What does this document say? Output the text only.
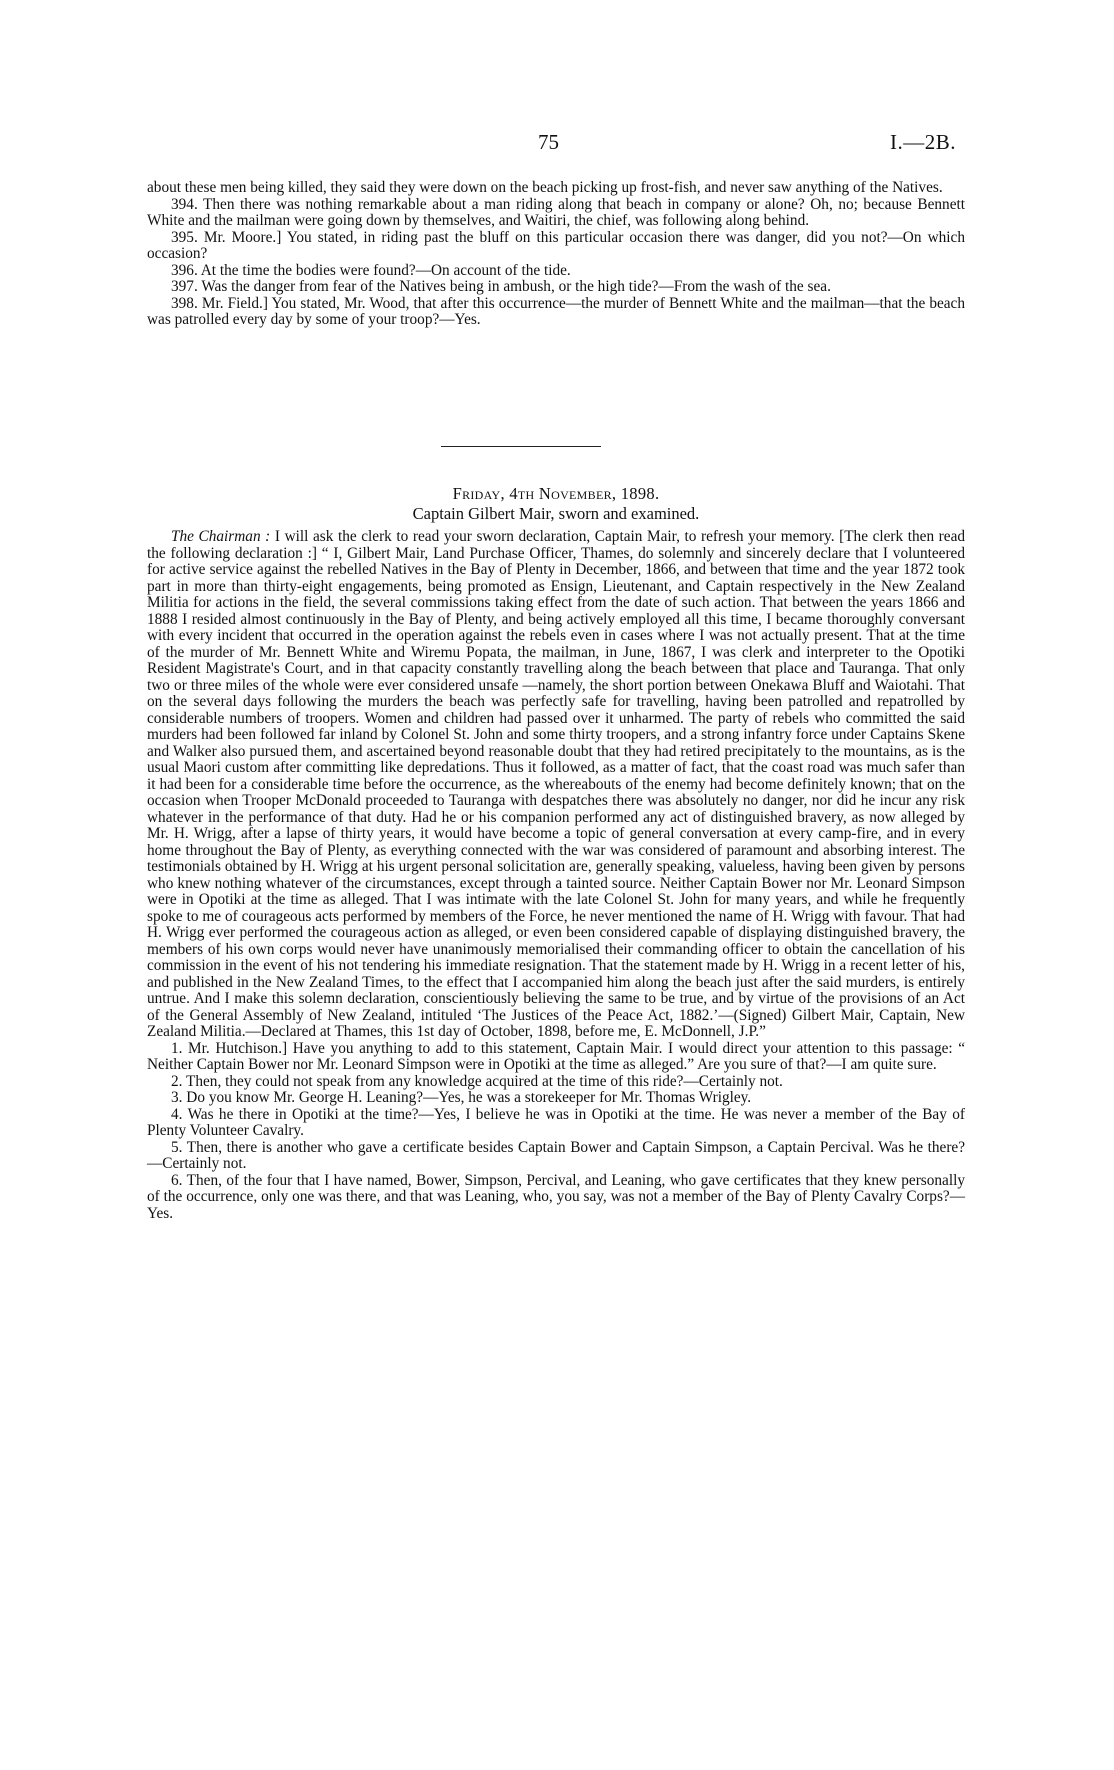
75	I.—2B.

about these men being killed, they said they were down on the beach picking up frost-fish, and never saw anything of the Natives.

394. Then there was nothing remarkable about a man riding along that beach in company or alone? Oh, no; because Bennett White and the mailman were going down by themselves, and Waitiri, the chief, was following along behind.

395. Mr. Moore.] You stated, in riding past the bluff on this particular occasion there was danger, did you not?—On which occasion?

396. At the time the bodies were found?—On account of the tide.

397. Was the danger from fear of the Natives being in ambush, or the high tide?—From the wash of the sea.

398. Mr. Field.] You stated, Mr. Wood, that after this occurrence—the murder of Bennett White and the mailman—that the beach was patrolled every day by some of your troop?—Yes.

Friday, 4th November, 1898.
Captain Gilbert Mair, sworn and examined.

The Chairman : I will ask the clerk to read your sworn declaration, Captain Mair, to refresh your memory. [The clerk then read the following declaration :] “ I, Gilbert Mair, Land Purchase Officer, Thames, do solemnly and sincerely declare that I volunteered for active service against the rebelled Natives in the Bay of Plenty in December, 1866, and between that time and the year 1872 took part in more than thirty-eight engagements, being promoted as Ensign, Lieutenant, and Captain respectively in the New Zealand Militia for actions in the field, the several commissions taking effect from the date of such action. That between the years 1866 and 1888 I resided almost continuously in the Bay of Plenty, and being actively employed all this time, I became thoroughly conversant with every incident that occurred in the operation against the rebels even in cases where I was not actually present. That at the time of the murder of Mr. Bennett White and Wiremu Popata, the mailman, in June, 1867, I was clerk and interpreter to the Opotiki Resident Magistrate's Court, and in that capacity constantly travelling along the beach between that place and Tauranga. That only two or three miles of the whole were ever considered unsafe —namely, the short portion between Onekawa Bluff and Waiotahi. That on the several days following the murders the beach was perfectly safe for travelling, having been patrolled and repatrolled by considerable numbers of troopers. Women and children had passed over it unharmed. The party of rebels who committed the said murders had been followed far inland by Colonel St. John and some thirty troopers, and a strong infantry force under Captains Skene and Walker also pursued them, and ascertained beyond reasonable doubt that they had retired precipitately to the mountains, as is the usual Maori custom after committing like depredations. Thus it followed, as a matter of fact, that the coast road was much safer than it had been for a considerable time before the occurrence, as the whereabouts of the enemy had become definitely known; that on the occasion when Trooper McDonald proceeded to Tauranga with despatches there was absolutely no danger, nor did he incur any risk whatever in the performance of that duty. Had he or his companion performed any act of distinguished bravery, as now alleged by Mr. H. Wrigg, after a lapse of thirty years, it would have become a topic of general conversation at every camp-fire, and in every home throughout the Bay of Plenty, as everything connected with the war was considered of paramount and absorbing interest. The testimonials obtained by H. Wrigg at his urgent personal solicitation are, generally speaking, valueless, having been given by persons who knew nothing whatever of the circumstances, except through a tainted source. Neither Captain Bower nor Mr. Leonard Simpson were in Opotiki at the time as alleged. That I was intimate with the late Colonel St. John for many years, and while he frequently spoke to me of courageous acts performed by members of the Force, he never mentioned the name of H. Wrigg with favour. That had H. Wrigg ever performed the courageous action as alleged, or even been considered capable of displaying distinguished bravery, the members of his own corps would never have unanimously memorialised their commanding officer to obtain the cancellation of his commission in the event of his not tendering his immediate resignation. That the statement made by H. Wrigg in a recent letter of his, and published in the New Zealand Times, to the effect that I accompanied him along the beach just after the said murders, is entirely untrue. And I make this solemn declaration, conscientiously believing the same to be true, and by virtue of the provisions of an Act of the General Assembly of New Zealand, intituled ‘The Justices of the Peace Act, 1882.’—(Signed) Gilbert Mair, Captain, New Zealand Militia.—Declared at Thames, this 1st day of October, 1898, before me, E. McDonnell, J.P.”

1. Mr. Hutchison.] Have you anything to add to this statement, Captain Mair. I would direct your attention to this passage: “ Neither Captain Bower nor Mr. Leonard Simpson were in Opotiki at the time as alleged.” Are you sure of that?—I am quite sure.

2. Then, they could not speak from any knowledge acquired at the time of this ride?—Certainly not.

3. Do you know Mr. George H. Leaning?—Yes, he was a storekeeper for Mr. Thomas Wrigley.

4. Was he there in Opotiki at the time?—Yes, I believe he was in Opotiki at the time. He was never a member of the Bay of Plenty Volunteer Cavalry.

5. Then, there is another who gave a certificate besides Captain Bower and Captain Simpson, a Captain Percival. Was he there?—Certainly not.

6. Then, of the four that I have named, Bower, Simpson, Percival, and Leaning, who gave certificates that they knew personally of the occurrence, only one was there, and that was Leaning, who, you say, was not a member of the Bay of Plenty Cavalry Corps?—Yes.
